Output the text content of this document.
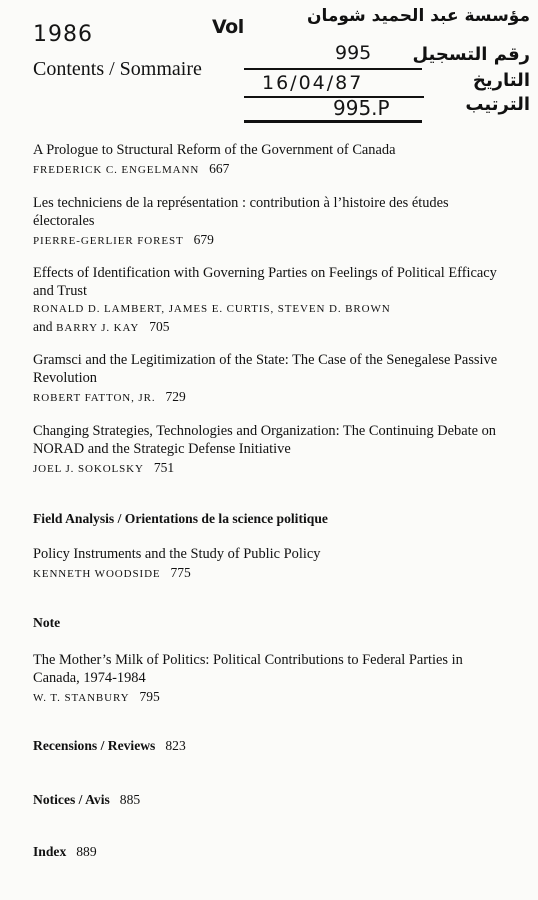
1986	Vol	مؤسسة عبد الحميد شومان
رقم التسجيل
التاريخ
الترتيب
995
16/04/87
995.P
Contents / Sommaire
A Prologue to Structural Reform of the Government of Canada
FREDERICK C. ENGELMANN 667
Les techniciens de la représentation : contribution à l’histoire des études électorales
PIERRE-GERLIER FOREST 679
Effects of Identification with Governing Parties on Feelings of Political Efficacy and Trust
RONALD D. LAMBERT, JAMES E. CURTIS, STEVEN D. BROWN
and BARRY J. KAY 705
Gramsci and the Legitimization of the State: The Case of the Senegalese Passive Revolution
ROBERT FATTON, JR. 729
Changing Strategies, Technologies and Organization: The Continuing Debate on NORAD and the Strategic Defense Initiative
JOEL J. SOKOLSKY 751
Field Analysis / Orientations de la science politique
Policy Instruments and the Study of Public Policy
KENNETH WOODSIDE 775
Note
The Mother’s Milk of Politics: Political Contributions to Federal Parties in Canada, 1974-1984
W. T. STANBURY 795
Recensions / Reviews 823
Notices / Avis 885
Index 889
